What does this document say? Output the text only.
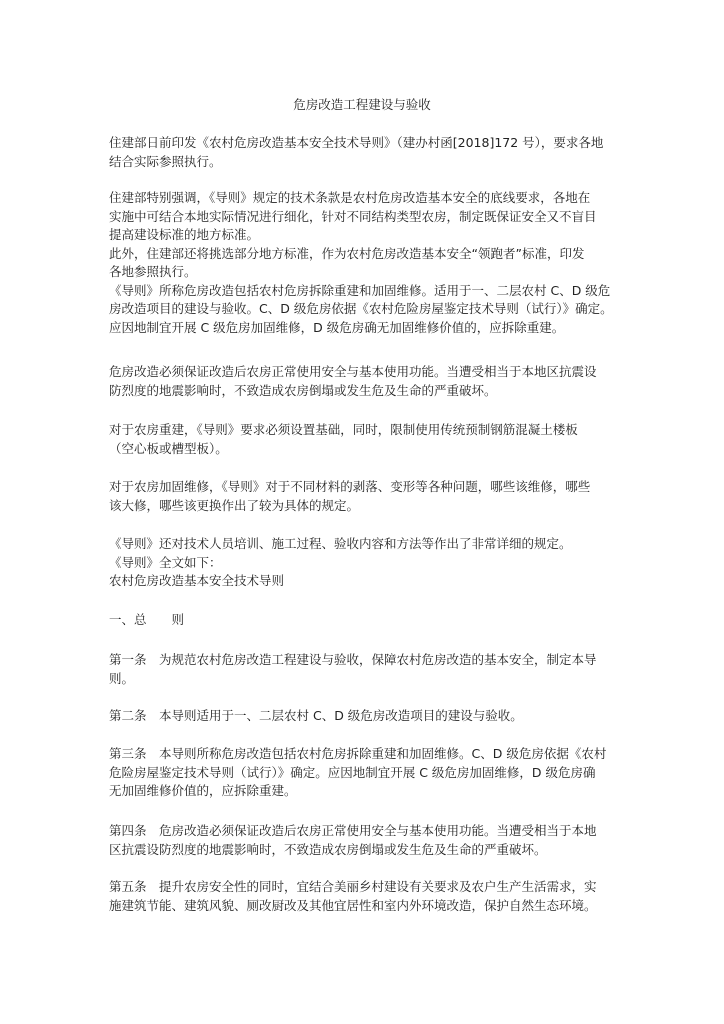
危房改造工程建设与验收

住建部日前印发《农村危房改造基本安全技术导则》（建办村函[2018]172 号），要求各地
结合实际参照执行。

住建部特别强调，《导则》规定的技术条款是农村危房改造基本安全的底线要求，各地在
实施中可结合本地实际情况进行细化，针对不同结构类型农房，制定既保证安全又不盲目
提高建设标准的地方标准。
此外，住建部还将挑选部分地方标准，作为农村危房改造基本安全“领跑者”标准，印发
各地参照执行。
《导则》所称危房改造包括农村危房拆除重建和加固维修。适用于一、二层农村 C、D 级危
房改造项目的建设与验收。C、D 级危房依据《农村危险房屋鉴定技术导则（试行）》确定。
应因地制宜开展 C 级危房加固维修，D 级危房确无加固维修价值的，应拆除重建。

危房改造必须保证改造后农房正常使用安全与基本使用功能。当遭受相当于本地区抗震设
防烈度的地震影响时，不致造成农房倒塌或发生危及生命的严重破坏。

对于农房重建，《导则》要求必须设置基础，同时，限制使用传统预制钢筋混凝土楼板
（空心板或槽型板）。

对于农房加固维修，《导则》对于不同材料的剥落、变形等各种问题，哪些该维修，哪些
该大修，哪些该更换作出了较为具体的规定。

《导则》还对技术人员培训、施工过程、验收内容和方法等作出了非常详细的规定。
《导则》全文如下：
农村危房改造基本安全技术导则

一、总　　则

第一条　为规范农村危房改造工程建设与验收，保障农村危房改造的基本安全，制定本导
则。

第二条　本导则适用于一、二层农村 C、D 级危房改造项目的建设与验收。

第三条　本导则所称危房改造包括农村危房拆除重建和加固维修。C、D 级危房依据《农村
危险房屋鉴定技术导则（试行）》确定。应因地制宜开展 C 级危房加固维修，D 级危房确
无加固维修价值的，应拆除重建。

第四条　危房改造必须保证改造后农房正常使用安全与基本使用功能。当遭受相当于本地
区抗震设防烈度的地震影响时，不致造成农房倒塌或发生危及生命的严重破坏。

第五条　提升农房安全性的同时，宜结合美丽乡村建设有关要求及农户生产生活需求，实
施建筑节能、建筑风貌、厕改厨改及其他宜居性和室内外环境改造，保护自然生态环境。
